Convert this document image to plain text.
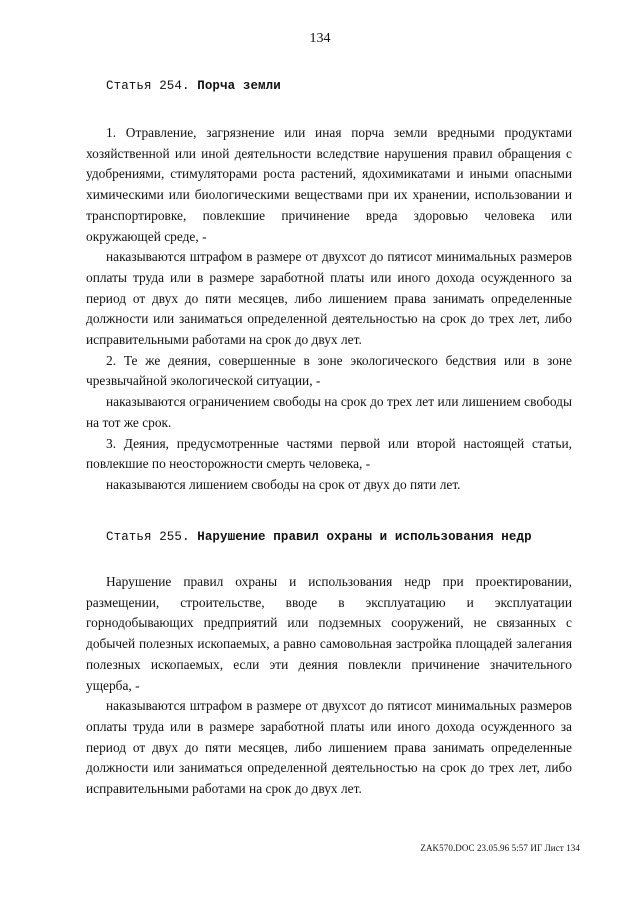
134
Статья 254. Порча земли

1. Отравление, загрязнение или иная порча земли вредными продуктами хозяйственной или иной деятельности вследствие нарушения правил обращения с удобрениями, стимуляторами роста растений, ядохимикатами и иными опасными химическими или биологическими веществами при их хранении, использовании и транспортировке, повлекшие причинение вреда здоровью человека или окружающей среде, -

наказываются штрафом в размере от двухсот до пятисот минимальных размеров оплаты труда или в размере заработной платы или иного дохода осужденного за период от двух до пяти месяцев, либо лишением права занимать определенные должности или заниматься определенной деятельностью на срок до трех лет, либо исправительными работами на срок до двух лет.

2. Те же деяния, совершенные в зоне экологического бедствия или в зоне чрезвычайной экологической ситуации, -

наказываются ограничением свободы на срок до трех лет или лишением свободы на тот же срок.

3. Деяния, предусмотренные частями первой или второй настоящей статьи, повлекшие по неосторожности смерть человека, -

наказываются лишением свободы на срок от двух до пяти лет.

Статья 255. Нарушение правил охраны и использования недр

Нарушение правил охраны и использования недр при проектировании, размещении, строительстве, вводе в эксплуатацию и эксплуатации горнодобывающих предприятий или подземных сооружений, не связанных с добычей полезных ископаемых, а равно самовольная застройка площадей залегания полезных ископаемых, если эти деяния повлекли причинение значительного ущерба, -

наказываются штрафом в размере от двухсот до пятисот минимальных размеров оплаты труда или в размере заработной платы или иного дохода осужденного за период от двух до пяти месяцев, либо лишением права занимать определенные должности или заниматься определенной деятельностью на срок до трех лет, либо исправительными работами на срок до двух лет.

ZAK570.DOC 23.05.96 5:57 ИГ Лист 134
